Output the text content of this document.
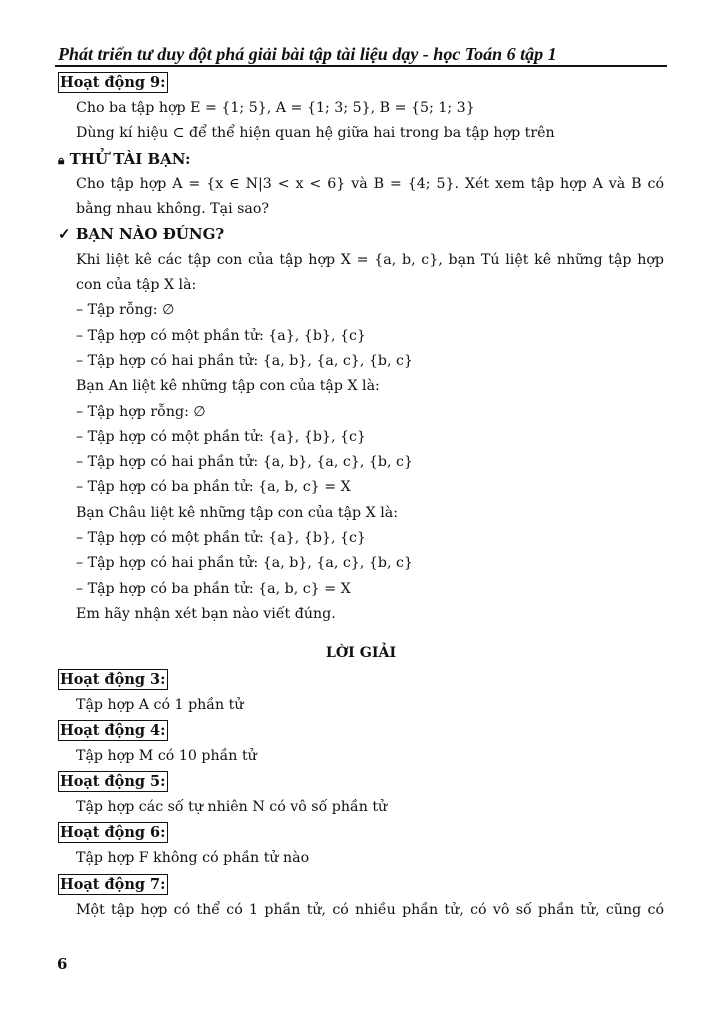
Phát triển tư duy đột phá giải bài tập tài liệu dạy - học Toán 6 tập 1
Hoạt động 9:
Cho ba tập hợp E = {1; 5}, A = {1; 3; 5}, B = {5; 1; 3}
Dùng kí hiệu ⊂ để thể hiện quan hệ giữa hai trong ba tập hợp trên
🔒︎ THỬ TÀI BẠN:
Cho tập hợp A = {x ∈ N|3 < x < 6} và B = {4; 5}. Xét xem tập hợp A và B có
bằng nhau không. Tại sao?
✓ BẠN NÀO ĐÚNG?
Khi liệt kê các tập con của tập hợp X = {a, b, c}, bạn Tú liệt kê những tập hợp
con của tập X là:
– Tập rỗng: ∅
– Tập hợp có một phần tử: {a}, {b}, {c}
– Tập hợp có hai phần tử: {a, b}, {a, c}, {b, c}
Bạn An liệt kê những tập con của tập X là:
– Tập hợp rỗng: ∅
– Tập hợp có một phần tử: {a}, {b}, {c}
– Tập hợp có hai phần tử: {a, b}, {a, c}, {b, c}
– Tập hợp có ba phần tử: {a, b, c} = X
Bạn Châu liệt kê những tập con của tập X là:
– Tập hợp có một phần tử: {a}, {b}, {c}
– Tập hợp có hai phần tử: {a, b}, {a, c}, {b, c}
– Tập hợp có ba phần tử: {a, b, c} = X
Em hãy nhận xét bạn nào viết đúng.
LỜI GIẢI
Hoạt động 3:
Tập hợp A có 1 phần tử
Hoạt động 4:
Tập hợp M có 10 phần tử
Hoạt động 5:
Tập hợp các số tự nhiên N có vô số phần tử
Hoạt động 6:
Tập hợp F không có phần tử nào
Hoạt động 7:
Một tập hợp có thể có 1 phần tử, có nhiều phần tử, có vô số phần tử, cũng có
6
